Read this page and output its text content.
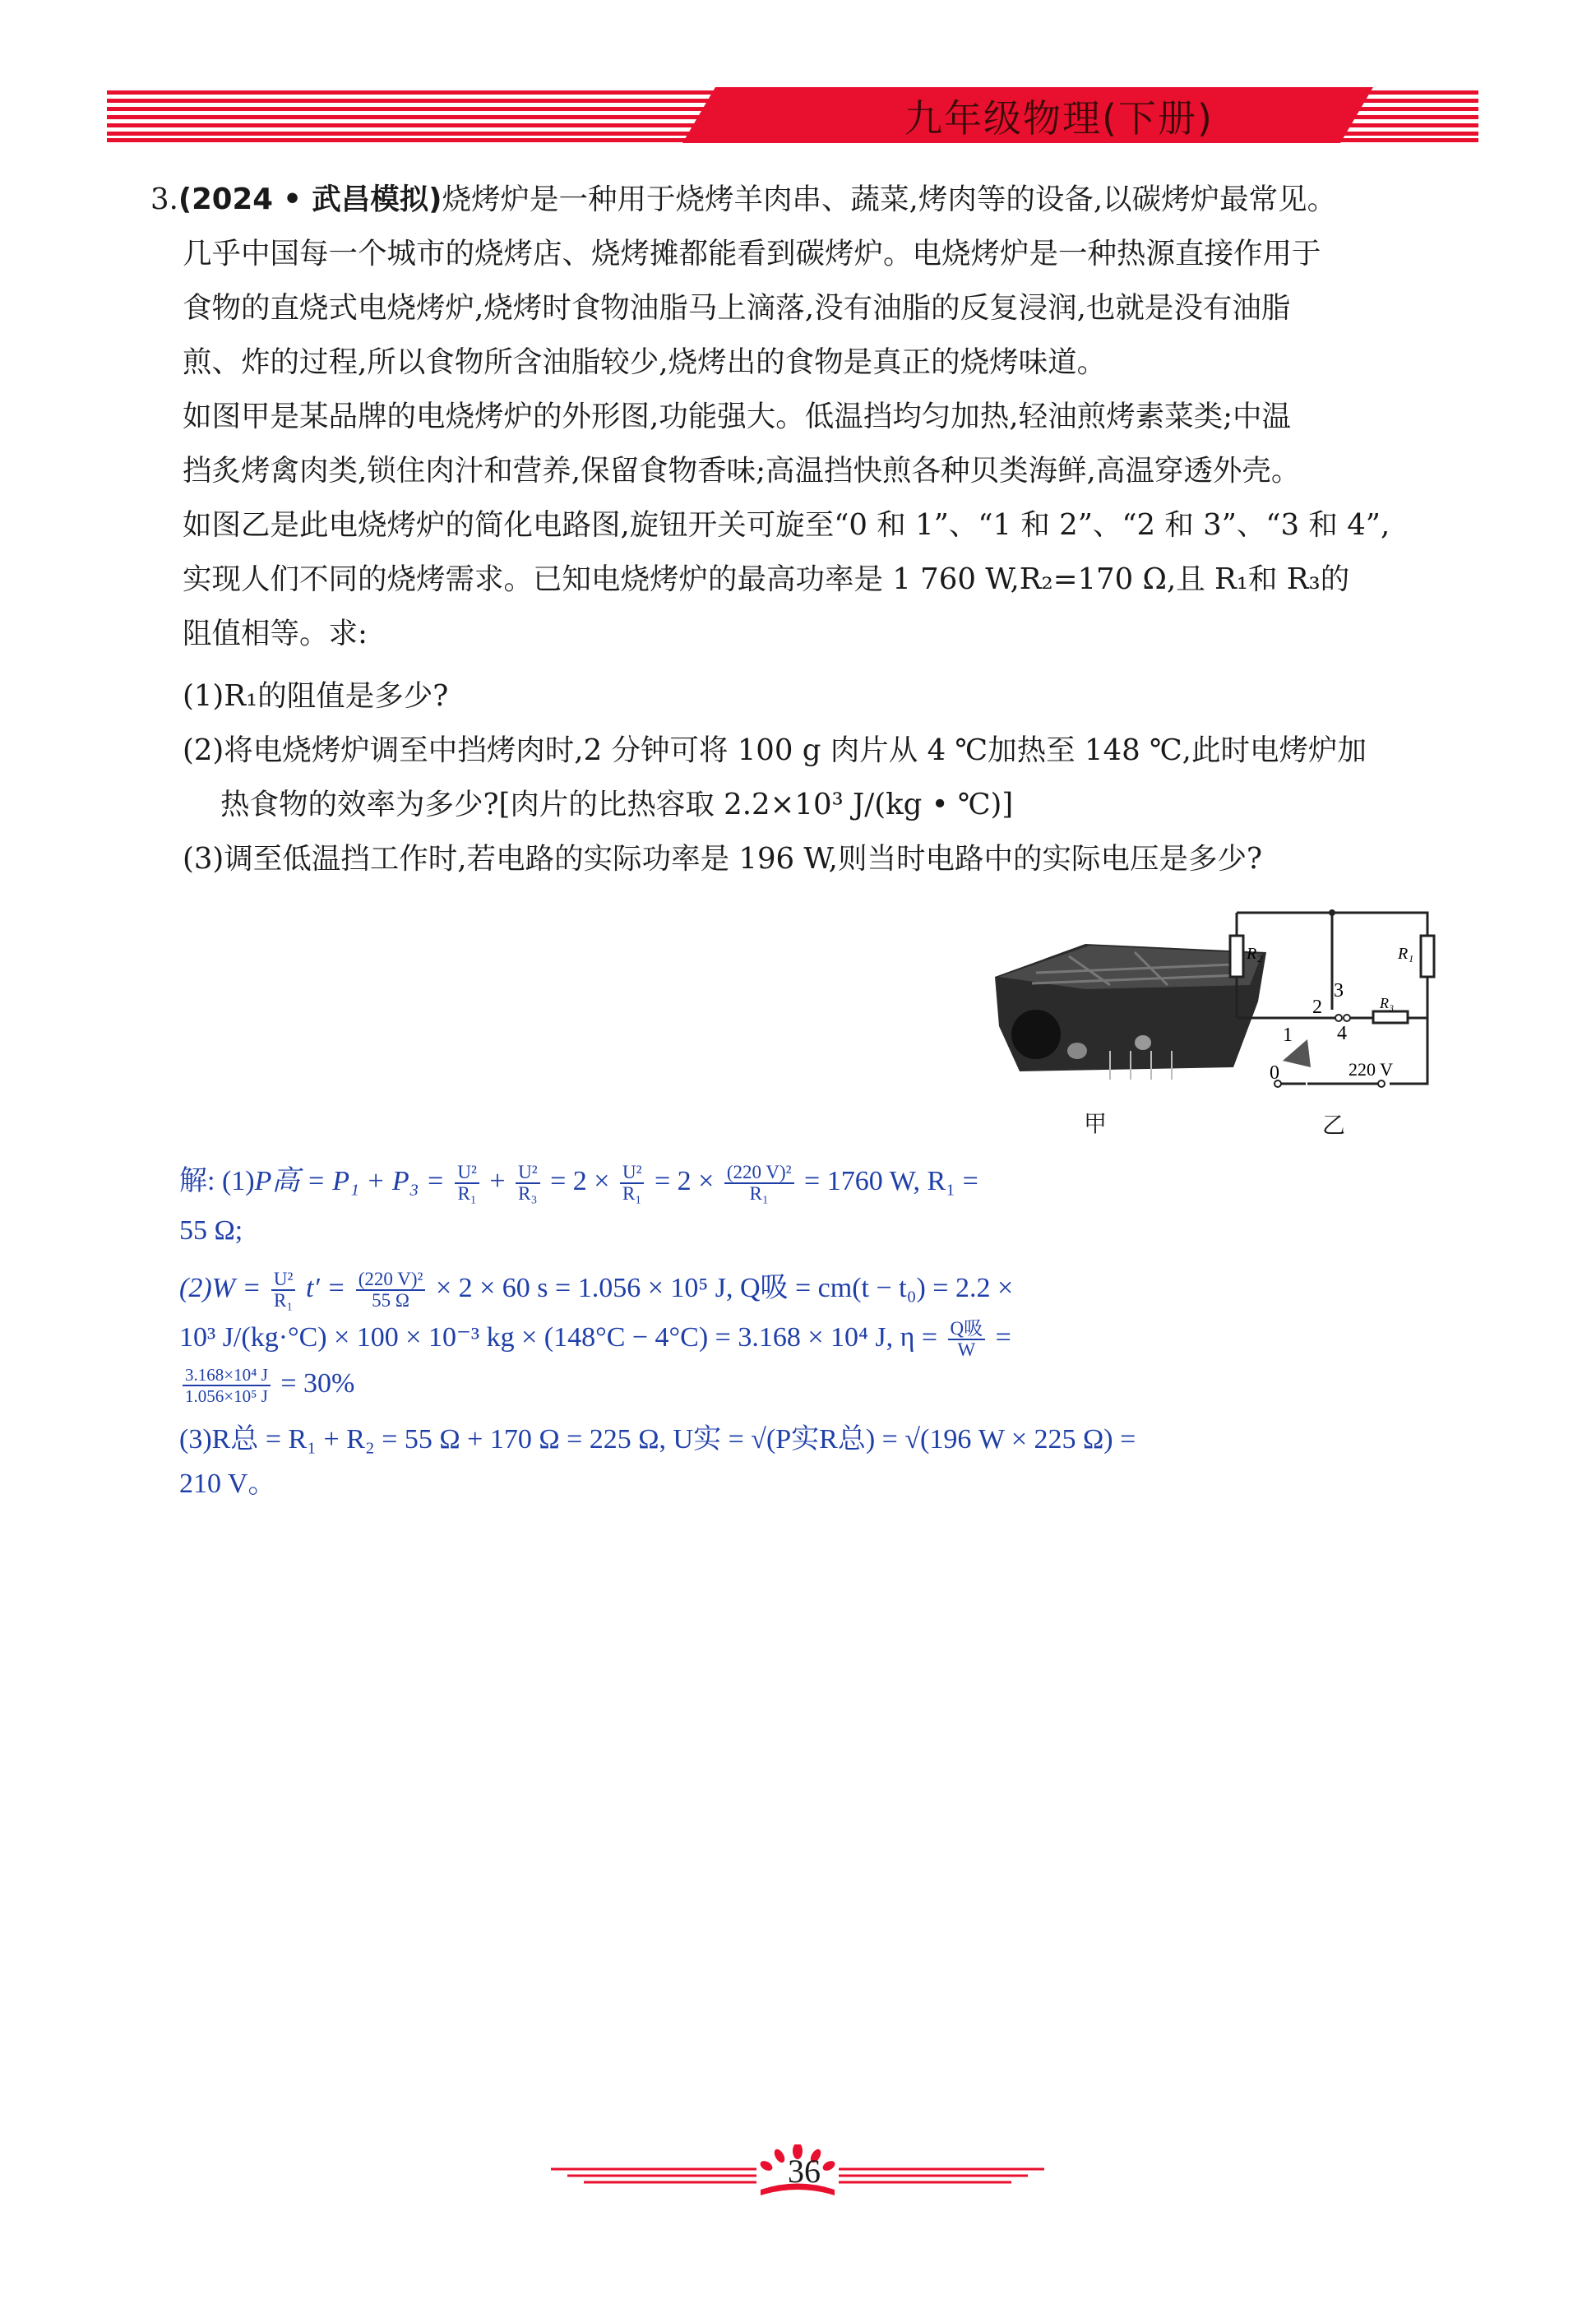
九年级物理(下册)
3.(2024 • 武昌模拟)烧烤炉是一种用于烧烤羊肉串、蔬菜,烤肉等的设备,以碳烤炉最常见。
几乎中国每一个城市的烧烤店、烧烤摊都能看到碳烤炉。电烧烤炉是一种热源直接作用于
食物的直烧式电烧烤炉,烧烤时食物油脂马上滴落,没有油脂的反复浸润,也就是没有油脂
煎、炸的过程,所以食物所含油脂较少,烧烤出的食物是真正的烧烤味道。
如图甲是某品牌的电烧烤炉的外形图,功能强大。低温挡均匀加热,轻油煎烤素菜类;中温
挡炙烤禽肉类,锁住肉汁和营养,保留食物香味;高温挡快煎各种贝类海鲜,高温穿透外壳。
如图乙是此电烧烤炉的简化电路图,旋钮开关可旋至“0 和 1”、“1 和 2”、“2 和 3”、“3 和 4”,
实现人们不同的烧烤需求。已知电烧烤炉的最高功率是 1 760 W,R₂=170 Ω,且 R₁和 R₃的
阻值相等。求:
(1)R₁的阻值是多少?
(2)将电烧烤炉调至中挡烤肉时,2 分钟可将 100 g 肉片从 4 ℃加热至 148 ℃,此时电烤炉加
热食物的效率为多少?[肉片的比热容取 2.2×10³ J/(kg • ℃)]
(3)调至低温挡工作时,若电路的实际功率是 196 W,则当时电路中的实际电压是多少?
甲
R₂	R₁
R₃
2
3
4
1
0	220 V
乙
解: (1)P高 = $P_1 + P_3 = \frac{\text{U²}}{\text{R₁}} + \frac{\text{U²}}{\text{R₃}} = 2 \times \frac{\text{U²}}{\text{R₁}} = 2 \times \frac{\text{(220 V)²}}{\text{R₁}} = 1760$ W, R₁ =
55 Ω;
$(2)W = \frac{\text{U²}}{\text{R₁}} t' = \frac{\text{(220 V)²}}{55 \Omega} \times 2 \times 60$ s = 1.056 × 10⁵ J, Q吸 = cm(t − t₀) = 2.2 ×
10³ J/(kg·°C) × 100 × 10⁻³ kg × (148°C − 4°C) = 3.168 × 10⁴ J, $\eta = \frac{\text{Q吸}}{W}$ =
$\frac{\text{3.168×10⁴ J}}{\text{1.056×10⁵ J}} = 30\%$
(3)R总 = R₁ + R₂ = 55 Ω + 170 Ω = 225 Ω, U实 = √(P实R总) = √(196 W × 225 Ω) =
210 V。
36
